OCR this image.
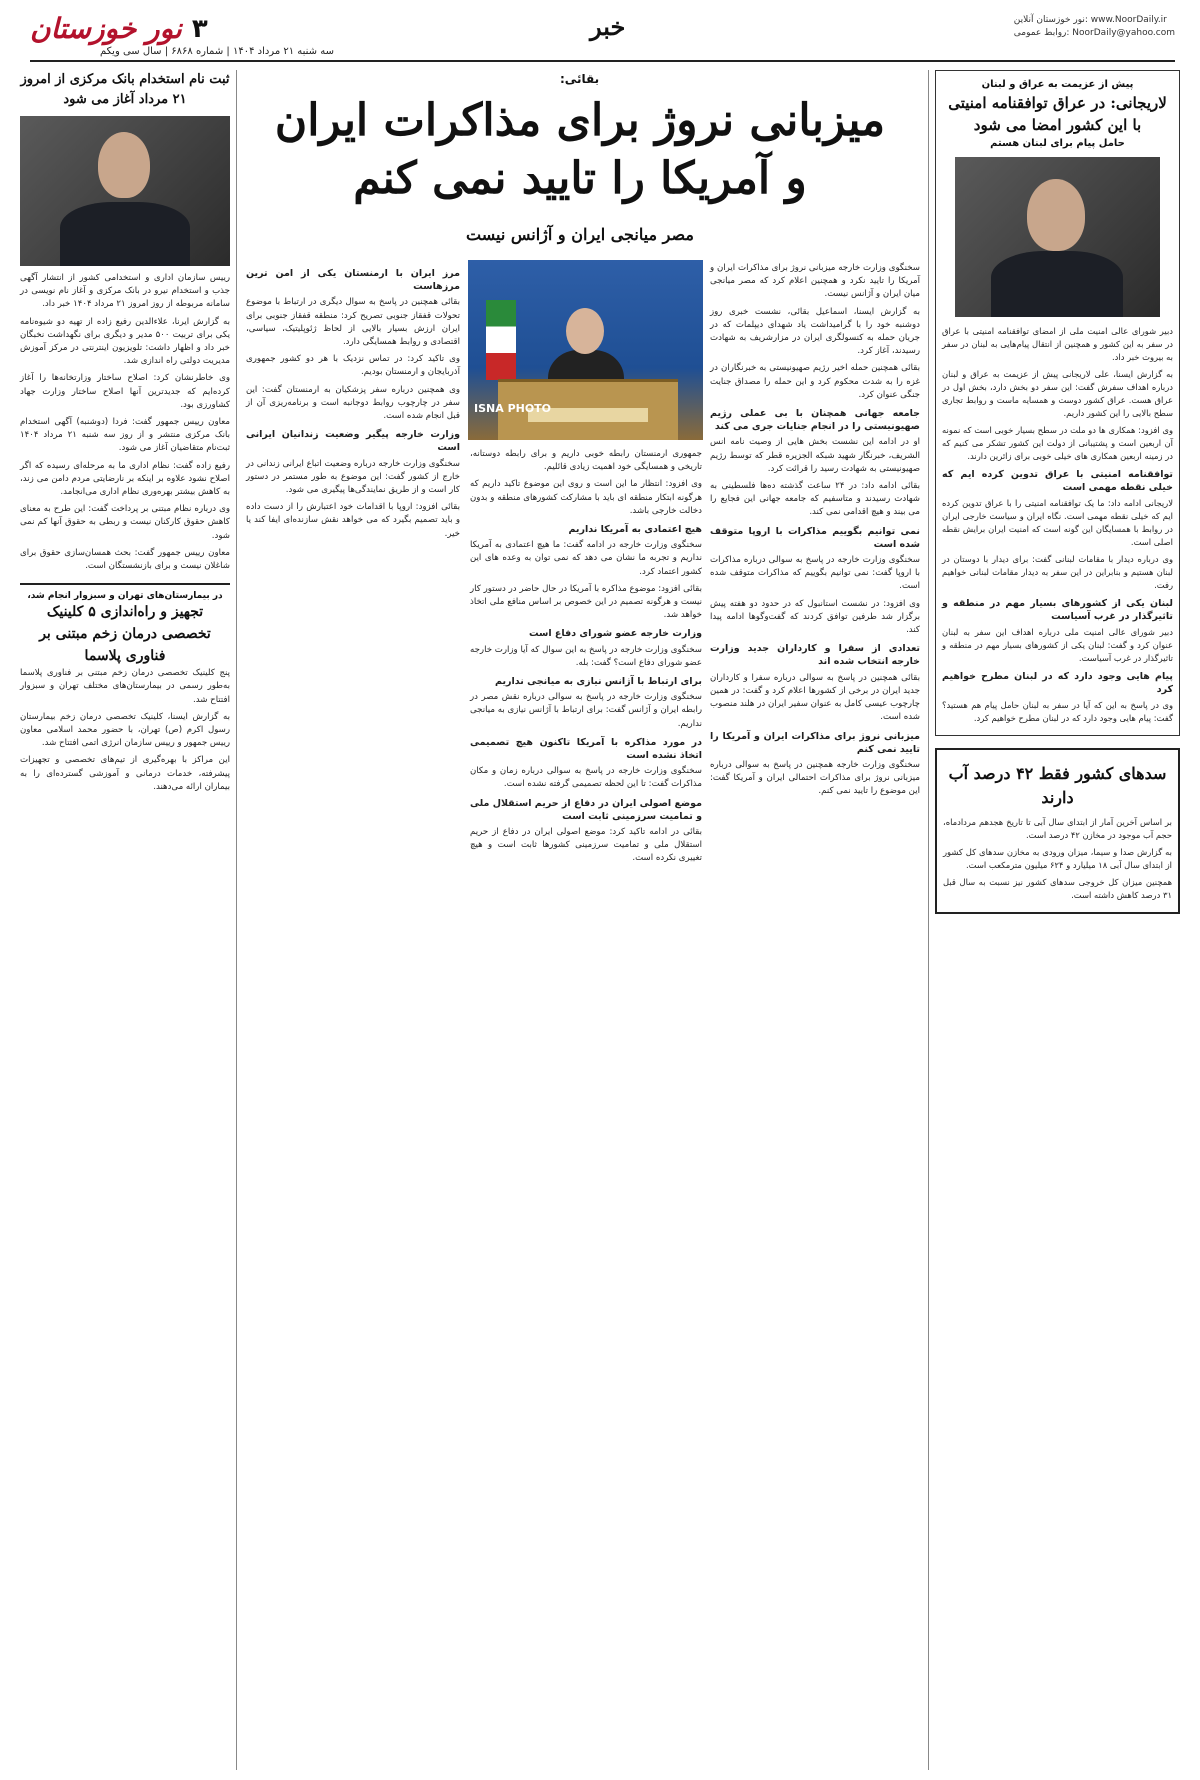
نور خوزستان آنلاین: www.NoorDaily.ir
روابط عمومی: NoorDaily@yahoo.com
خبر
۳
نور خوزستان
سه شنبه ۲۱ مرداد ۱۴۰۴ | شماره ۶۸۶۸ | سال سی ویکم
پیش از عزیمت به عراق و لبنان
لاریجانی: در عراق توافقنامه امنیتی با این کشور امضا می شود
حامل پیام برای لبنان هستم

دبیر شورای عالی امنیت ملی از امضای توافقنامه امنیتی با عراق در سفر به این کشور و همچنین از انتقال پیام‌هایی به لبنان در سفر به بیروت خبر داد.

به گزارش ایسنا، علی لاریجانی پیش از عزیمت به عراق و لبنان درباره اهداف سفرش گفت: این سفر دو بخش دارد، بخش اول در عراق هست. عراق کشور دوست و همسایه ماست و روابط تجاری سطح بالایی را این کشور داریم.

وی افزود: همکاری ها دو ملت در سطح بسیار خوبی است که نمونه آن اربعین است و پشتیبانی از دولت این کشور تشکر می کنیم که در زمینه اربعین همکاری های خیلی خوبی برای زائرین دارند.

توافقنامه امنیتی با عراق تدوین کرده ایم که خیلی نقطه مهمی است

لاریجانی ادامه داد: ما یک توافقنامه امنیتی را با عراق تدوین کرده ایم که خیلی نقطه مهمی است. نگاه ایران و سیاست خارجی ایران در روابط با همسایگان این گونه است که امنیت ایران برایش نقطه اصلی است.

وی درباره دیدار با مقامات لبنانی گفت: برای دیدار با دوستان در لبنان هستیم و بنابراین در این سفر به دیدار مقامات لبنانی خواهیم رفت.

لبنان یکی از کشورهای بسیار مهم در منطقه و تاثیرگذار در غرب آسیاست

دبیر شورای عالی امنیت ملی درباره اهداف این سفر به لبنان عنوان کرد و گفت: لبنان یکی از کشورهای بسیار مهم در منطقه و تاثیرگذار در غرب آسیاست.

پیام هایی وجود دارد که در لبنان مطرح خواهیم کرد

وی در پاسخ به این که آیا در سفر به لبنان حامل پیام هم هستید؟ گفت: پیام هایی وجود دارد که در لبنان مطرح خواهیم کرد.

سدهای کشور فقط ۴۲ درصد آب دارند

بر اساس آخرین آمار از ابتدای سال آبی تا تاریخ هجدهم مردادماه، حجم آب موجود در مخازن ۴۲ درصد است.

به گزارش صدا و سیما، میزان ورودی به مخازن سدهای کل کشور از ابتدای سال آبی ۱۸ میلیارد و ۶۲۴ میلیون مترمکعب است.

همچنین میزان کل خروجی سدهای کشور نیز نسبت به سال قبل ۳۱ درصد کاهش داشته است.

بقائی:
میزبانی نروژ برای مذاکرات ایران
و آمریکا را تایید نمی کنم
مصر میانجی ایران و آژانس نیست

سخنگوی وزارت خارجه میزبانی نروژ برای مذاکرات ایران و آمریکا را تایید نکرد و همچنین اعلام کرد که مصر میانجی میان ایران و آژانس نیست.

به گزارش ایسنا، اسماعیل بقائی، نشست خبری روز دوشنبه خود را با گرامیداشت یاد شهدای دیپلمات که در جریان حمله به کنسولگری ایران در مزارشریف به شهادت رسیدند، آغاز کرد.

بقائی همچنین حمله اخیر رژیم صهیونیستی به خبرنگاران در غزه را به شدت محکوم کرد و این حمله را مصداق جنایت جنگی عنوان کرد.

جامعه جهانی همچنان با بی عملی رژیم صهیونیستی را در انجام جنایات جری می کند

او در ادامه این نشست بخش هایی از وصیت نامه انس الشریف، خبرنگار شهید شبکه الجزیره قطر که توسط رژیم صهیونیستی به شهادت رسید را قرائت کرد.

بقائی ادامه داد: در ۲۴ ساعت گذشته ده‌ها فلسطینی به شهادت رسیدند و متاسفیم که جامعه جهانی این فجایع را می بیند و هیچ اقدامی نمی کند.

نمی توانیم بگوییم مذاکرات با اروپا متوقف شده است

سخنگوی وزارت خارجه در پاسخ به سوالی درباره مذاکرات با اروپا گفت: نمی توانیم بگوییم که مذاکرات متوقف شده است.

وی افزود: در نشست استانبول که در حدود دو هفته پیش برگزار شد طرفین توافق کردند که گفت‌وگوها ادامه پیدا کند.

تعدادی از سفرا و کارداران جدید وزارت خارجه انتخاب شده اند

بقائی همچنین در پاسخ به سوالی درباره سفرا و کارداران جدید ایران در برخی از کشورها اعلام کرد و گفت: در همین چارچوب عیسی کامل به عنوان سفیر ایران در هلند منصوب شده است.

میزبانی نروژ برای مذاکرات ایران و آمریکا را تایید نمی کنم

سخنگوی وزارت خارجه همچنین در پاسخ به سوالی درباره میزبانی نروژ برای مذاکرات احتمالی ایران و آمریکا گفت: این موضوع را تایید نمی کنم.

ISNA PHOTO

جمهوری ارمنستان رابطه خوبی داریم و برای رابطه دوستانه، تاریخی و همسایگی خود اهمیت زیادی قائلیم.

وی افزود: انتظار ما این است و روی این موضوع تاکید داریم که هرگونه ابتکار منطقه ای باید با مشارکت کشورهای منطقه و بدون دخالت خارجی باشد.

هیچ اعتمادی به آمریکا نداریم

سخنگوی وزارت خارجه در ادامه گفت: ما هیچ اعتمادی به آمریکا نداریم و تجربه ما نشان می دهد که نمی توان به وعده های این کشور اعتماد کرد.

بقائی افزود: موضوع مذاکره با آمریکا در حال حاضر در دستور کار نیست و هرگونه تصمیم در این خصوص بر اساس منافع ملی اتخاذ خواهد شد.

وزارت خارجه عضو شورای دفاع است

سخنگوی وزارت خارجه در پاسخ به این سوال که آیا وزارت خارجه عضو شورای دفاع است؟ گفت: بله.

برای ارتباط با آژانس نیازی به میانجی نداریم

سخنگوی وزارت خارجه در پاسخ به سوالی درباره نقش مصر در رابطه ایران و آژانس گفت: برای ارتباط با آژانس نیازی به میانجی نداریم.

در مورد مذاکره با آمریکا تاکنون هیچ تصمیمی اتخاذ نشده است

سخنگوی وزارت خارجه در پاسخ به سوالی درباره زمان و مکان مذاکرات گفت: تا این لحظه تصمیمی گرفته نشده است.

موضع اصولی ایران در دفاع از حریم استقلال ملی و تمامیت سرزمینی ثابت است

بقائی در ادامه تاکید کرد: موضع اصولی ایران در دفاع از حریم استقلال ملی و تمامیت سرزمینی کشورها ثابت است و هیچ تغییری نکرده است.

مرز ایران با ارمنستان یکی از امن ترین مرزهاست

بقائی همچنین در پاسخ به سوال دیگری در ارتباط با موضوع تحولات قفقاز جنوبی تصریح کرد: منطقه قفقاز جنوبی برای ایران ارزش بسیار بالایی از لحاظ ژئوپلیتیک، سیاسی، اقتصادی و روابط همسایگی دارد.

وی تاکید کرد: در تماس نزدیک با هر دو کشور جمهوری آذربایجان و ارمنستان بودیم.

وی همچنین درباره سفر پزشکیان به ارمنستان گفت: این سفر در چارچوب روابط دوجانبه است و برنامه‌ریزی آن از قبل انجام شده است.

وزارت خارجه پیگیر وضعیت زندانیان ایرانی است

سخنگوی وزارت خارجه درباره وضعیت اتباع ایرانی زندانی در خارج از کشور گفت: این موضوع به طور مستمر در دستور کار است و از طریق نمایندگی‌ها پیگیری می شود.

بقائی افزود: اروپا با اقدامات خود اعتبارش را از دست داده و باید تصمیم بگیرد که می خواهد نقش سازنده‌ای ایفا کند یا خیر.

ثبت نام استخدام بانک مرکزی از امروز ۲۱ مرداد آغاز می شود

رییس سازمان اداری و استخدامی کشور از انتشار آگهی جذب و استخدام نیرو در بانک مرکزی و آغاز نام نویسی در سامانه مربوطه از روز امروز ۲۱ مرداد ۱۴۰۴ خبر داد.

به گزارش ایرنا، علاءالدین رفیع زاده از تهیه دو شیوه‌نامه یکی برای تربیت ۵۰۰ مدیر و دیگری برای نگهداشت نخبگان خبر داد و اظهار داشت: تلویزیون اینترنتی در مرکز آموزش مدیریت دولتی راه اندازی شد.

وی خاطرنشان کرد: اصلاح ساختار وزارتخانه‌ها را آغاز کرده‌ایم که جدیدترین آنها اصلاح ساختار وزارت جهاد کشاورزی بود.

معاون رییس جمهور گفت: فردا (دوشنبه) آگهی استخدام بانک مرکزی منتشر و از روز سه شنبه ۲۱ مرداد ۱۴۰۴ ثبت‌نام متقاضیان آغاز می شود.

رفیع زاده گفت: نظام اداری ما به مرحله‌ای رسیده که اگر اصلاح نشود علاوه بر اینکه بر نارضایتی مردم دامن می زند، به کاهش بیشتر بهره‌وری نظام اداری می‌انجامد.

وی درباره نظام مبتنی بر پرداخت گفت: این طرح به معنای کاهش حقوق کارکنان نیست و ربطی به حقوق آنها کم نمی شود.

معاون رییس جمهور گفت: بحث همسان‌سازی حقوق برای شاغلان نیست و برای بازنشستگان است.

در بیمارستان‌های تهران و سبزوار انجام شد،
تجهیز و راه‌اندازی ۵ کلینیک تخصصی درمان زخم مبتنی بر فناوری پلاسما

پنج کلینیک تخصصی درمان زخم مبتنی بر فناوری پلاسما به‌طور رسمی در بیمارستان‌های مختلف تهران و سبزوار افتتاح شد.

به گزارش ایسنا، کلینیک تخصصی درمان زخم بیمارستان رسول اکرم (ص) تهران، با حضور محمد اسلامی معاون رییس جمهور و رییس سازمان انرژی اتمی افتتاح شد.

این مراکز با بهره‌گیری از تیم‌های تخصصی و تجهیزات پیشرفته، خدمات درمانی و آموزشی گسترده‌ای را به بیماران ارائه می‌دهند.
